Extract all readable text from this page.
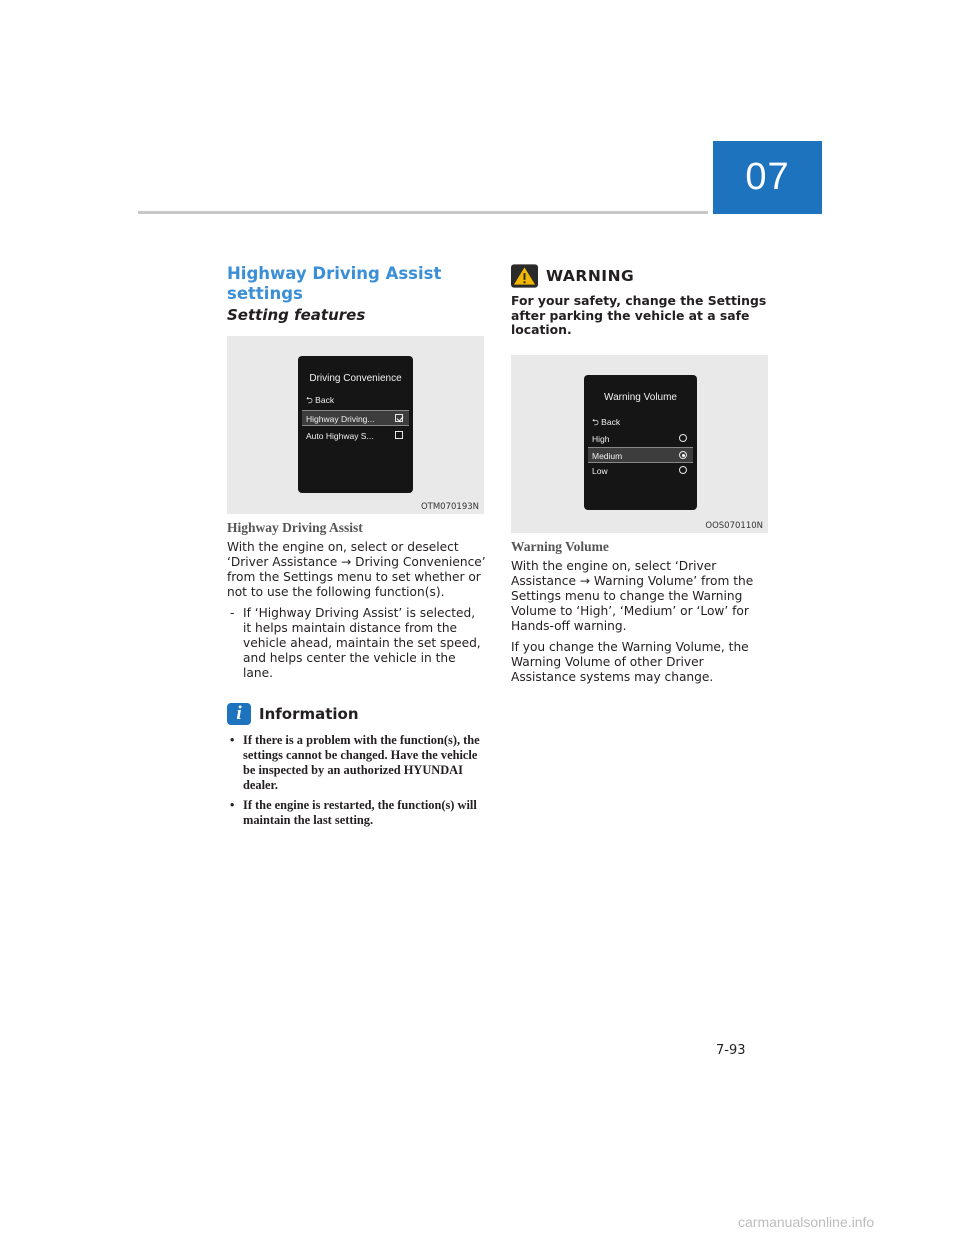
07
Highway Driving Assist settings
Setting features
Driving Convenience
⮌ Back
Highway Driving...
Auto Highway S...
OTM070193N
Highway Driving Assist

With the engine on, select or deselect ‘Driver Assistance → Driving Convenience’ from the Settings menu to set whether or not to use the following function(s).

- If ‘Highway Driving Assist’ is selected, it helps maintain distance from the vehicle ahead, maintain the set speed, and helps center the vehicle in the lane.
i	Information
• If there is a problem with the function(s), the settings cannot be changed. Have the vehicle be inspected by an authorized HYUNDAI dealer.
• If the engine is restarted, the function(s) will maintain the last setting.
WARNING

For your safety, change the Settings after parking the vehicle at a safe location.

Warning Volume
⮌ Back
High
Medium
Low
OOS070110N
Warning Volume

With the engine on, select ‘Driver Assistance → Warning Volume’ from the Settings menu to change the Warning Volume to ‘High’, ‘Medium’ or ‘Low’ for Hands-off warning.

If you change the Warning Volume, the Warning Volume of other Driver Assistance systems may change.

7-93
carmanualsonline.info
